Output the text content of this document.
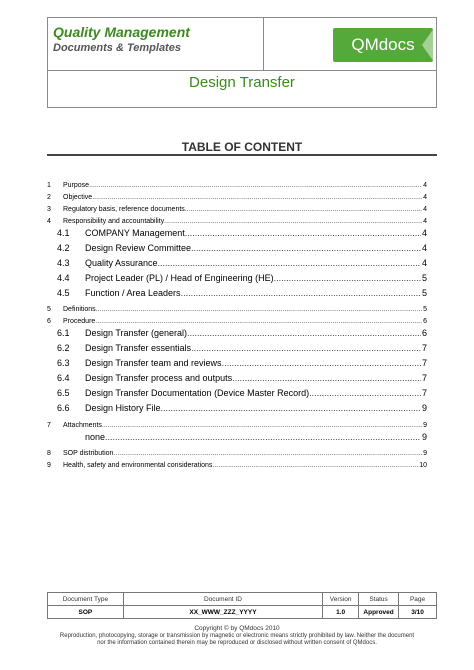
Quality Management
Documents & Templates	QMdocs
Design Transfer
TABLE OF CONTENT
1	Purpose .....	4
2	Objective .....	4
3	Regulatory basis, reference documents .....	4
4	Responsibility and accountability .....	4
4.1	COMPANY Management .....	4
4.2	Design Review Committee .....	4
4.3	Quality Assurance .....	4
4.4	Project Leader (PL) / Head of Engineering (HE) .....	5
4.5	Function / Area Leaders .....	5
5	Definitions .....	5
6	Procedure .....	6
6.1	Design Transfer (general) .....	6
6.2	Design Transfer essentials .....	7
6.3	Design Transfer team and reviews .....	7
6.4	Design Transfer process and outputs .....	7
6.5	Design Transfer Documentation (Device Master Record) .....	7
6.6	Design History File .....	9
7	Attachments .....	9
none .....	9
8	SOP distribution .....	9
9	Health, safety and environmental considerations .....	10
Document Type	Document ID	Version	Status	Page
SOP	XX_WWW_ZZZ_YYYY	1.0	Approved	3/10
Copyright © by QMdocs 2010
Reproduction, photocopying, storage or transmission by magnetic or electronic means strictly prohibited by law. Neither the document
nor the information contained therein may be reproduced or disclosed without written consent of QMdocs.
